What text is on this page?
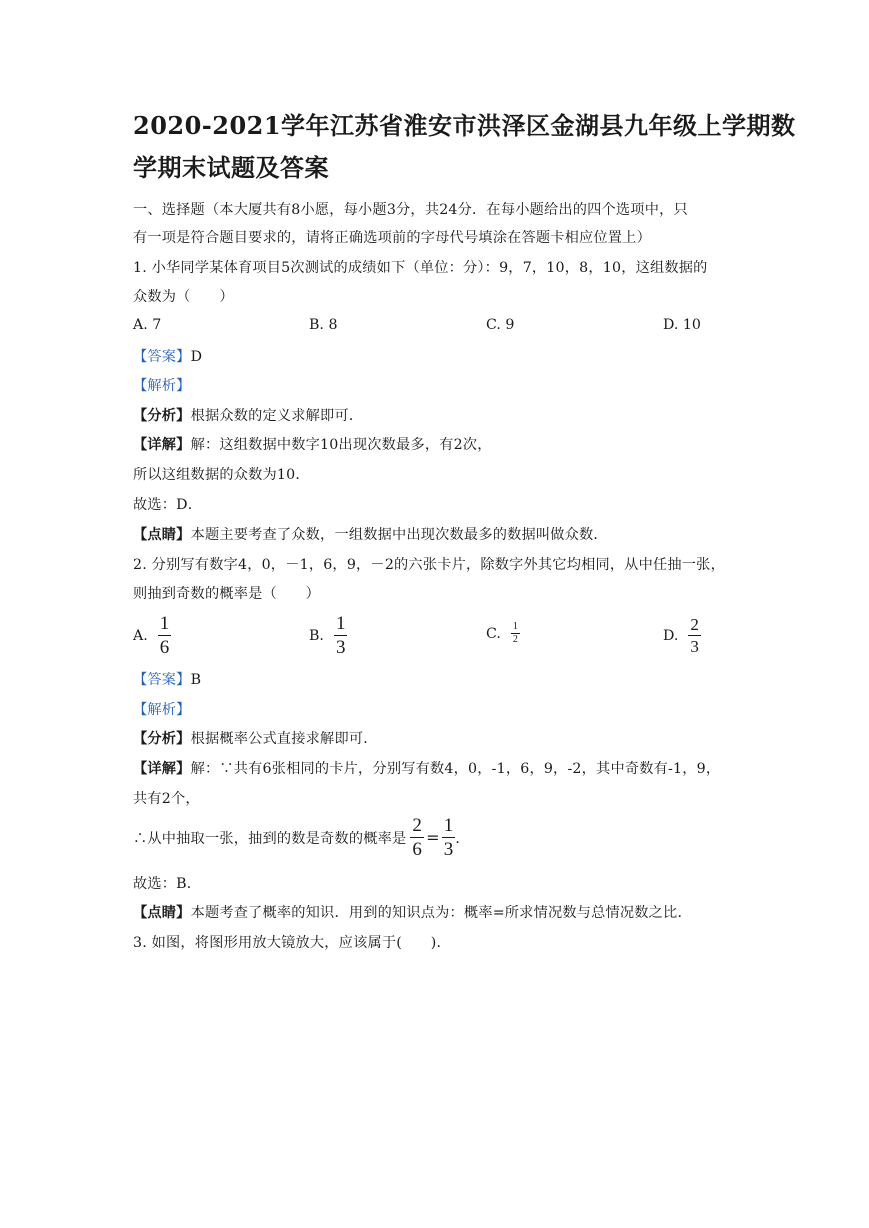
2020-2021学年江苏省淮安市洪泽区金湖县九年级上学期数
学期末试题及答案
一、选择题（本大厦共有8小愿，每小题3分，共24分．在每小题给出的四个选项中，只
有一项是符合题目要求的，请将正确选项前的字母代号填涂在答题卡相应位置上）
1. 小华同学某体育项目5次测试的成绩如下（单位：分）：9，7，10，8，10，这组数据的
众数为（　　）
A. 7	B. 8	C. 9	D. 10
【答案】D
【解析】
【分析】根据众数的定义求解即可．
【详解】解：这组数据中数字10出现次数最多，有2次，
所以这组数据的众数为10．
故选：D．
【点睛】本题主要考查了众数，一组数据中出现次数最多的数据叫做众数．
2. 分别写有数字4，0，－1，6，9，－2的六张卡片，除数字外其它均相同，从中任抽一张，
则抽到奇数的概率是（　　）
A. $\frac{1}{6}$	B. $\frac{1}{3}$	C. $\frac{1}{2}$	D. $\frac{2}{3}$
【答案】B
【解析】
【分析】根据概率公式直接求解即可．
【详解】解：∵共有6张相同的卡片，分别写有数4，0，-1，6，9，-2，其中奇数有-1，9，
共有2个，
∴从中抽取一张，抽到的数是奇数的概率是 $\frac{2}{6} = \frac{1}{3}$ ．
故选：B．
【点睛】本题考查了概率的知识．用到的知识点为：概率=所求情况数与总情况数之比．
3. 如图，将图形用放大镜放大，应该属于(　　)．
